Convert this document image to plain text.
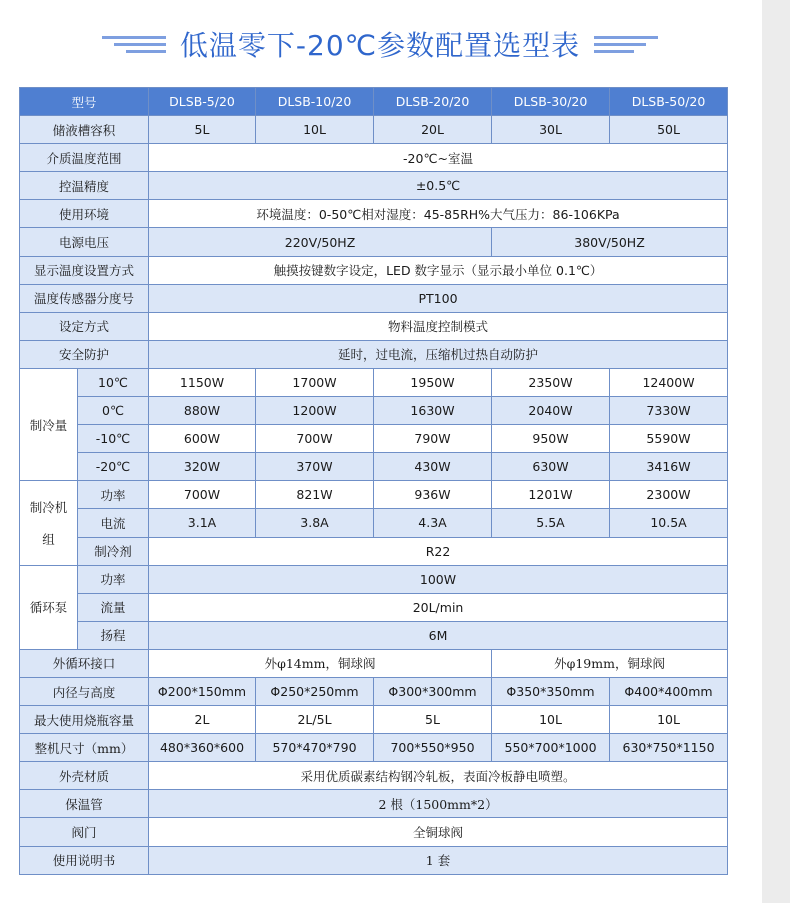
低温零下-20℃参数配置选型表
型号		DLSB-5/20	DLSB-10/20	DLSB-20/20	DLSB-30/20	DLSB-50/20
储液槽容积		5L	10L	20L	30L	50L
介质温度范围		-20℃~室温				
控温精度		±0.5℃				
使用环境		环境温度：0-50℃相对湿度：45-85RH%大气压力：86-106KPa				
电源电压		220V/50HZ			380V/50HZ	
显示温度设置方式		触摸按键数字设定，LED 数字显示（显示最小单位 0.1℃）				
温度传感器分度号		PT100				
设定方式		物料温度控制模式				
安全防护		延时，过电流，压缩机过热自动防护				
制冷量	10℃	1150W	1700W	1950W	2350W	12400W
	0℃	880W	1200W	1630W	2040W	7330W
	-10℃	600W	700W	790W	950W	5590W
	-20℃	320W	370W	430W	630W	3416W

制冷机
组	功率	700W	821W	936W	1201W	2300W
	电流	3.1A	3.8A	4.3A	5.5A	10.5A
	制冷剂	R22				
循环泵	功率	100W				
	流量	20L/min				
	扬程	6M				
外循环接口		外φ14mm，铜球阀			外φ19mm，铜球阀	
内径与高度		Φ200*150mm	Φ250*250mm	Φ300*300mm	Φ350*350mm	Φ400*400mm
最大使用烧瓶容量		2L	2L/5L	5L	10L	10L
整机尺寸（mm）		480*360*600	570*470*790	700*550*950	550*700*1000	630*750*1150
外壳材质		采用优质碳素结构钢冷轧板，表面冷板静电喷塑。				
保温管		2 根（1500mm*2）				
阀门		全铜球阀				
使用说明书		1 套				
